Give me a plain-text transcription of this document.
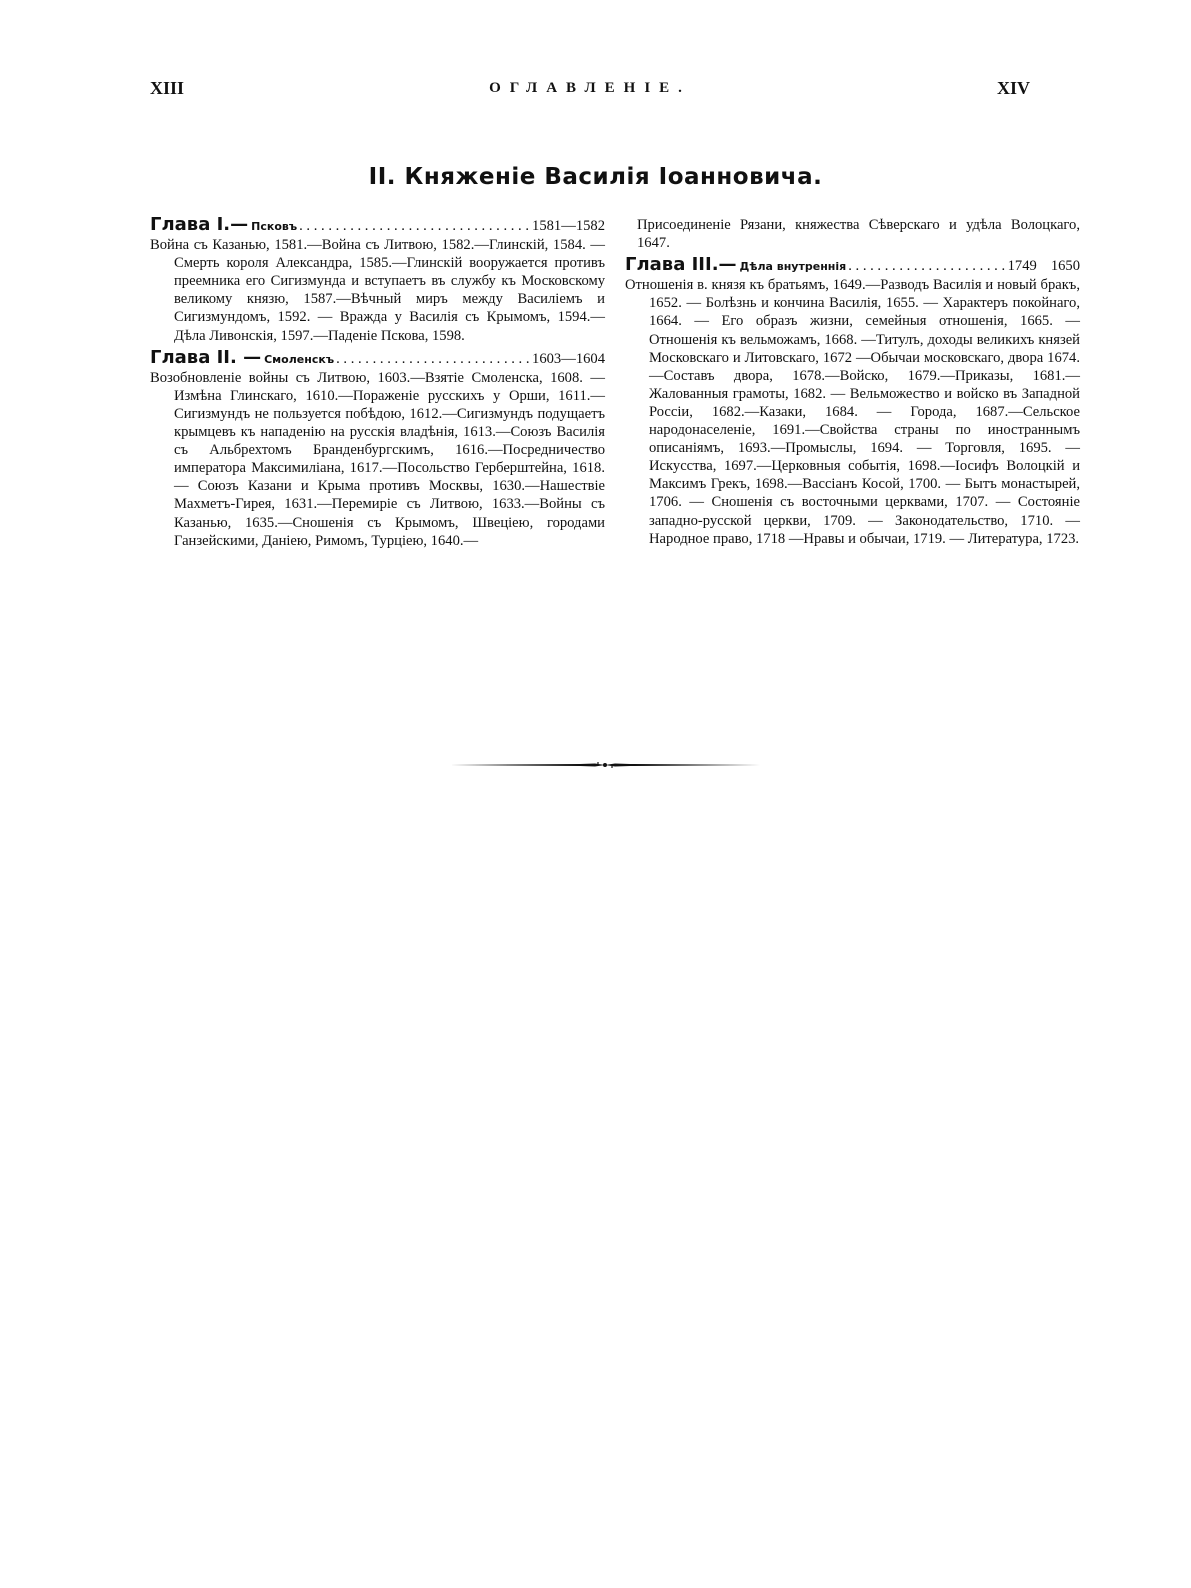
XIII	ОГЛАВЛЕНІЕ.	XIV
II. Княженіе Василія Іоанновича.
Глава I.— Псковъ . . .	1581—1582

Война съ Казанью, 1581.—Война съ Литвою, 1582.—Глинскій, 1584. — Смерть короля Александра, 1585.—Глинскій вооружается противъ преемника его Сигизмунда и вступаетъ въ службу къ Московскому великому князю, 1587.—Вѣчный миръ между Василіемъ и Сигизмундомъ, 1592. — Вражда у Василія съ Крымомъ, 1594.—Дѣла Ливонскія, 1597.—Паденіе Пскова, 1598.

Глава II. — Смоленскъ . . .	1603—1604

Возобновленіе войны съ Литвою, 1603.—Взятіе Смоленска, 1608. — Измѣна Глинскаго, 1610.—Пораженіе русскихъ у Орши, 1611.—Сигизмундъ не пользуется побѣдою, 1612.—Сигизмундъ подущаетъ крымцевъ къ нападенію на русскія владѣнія, 1613.—Союзъ Василія съ Альбрехтомъ Бранденбургскимъ, 1616.—Посредничество императора Максимиліана, 1617.—Посольство Герберштейна, 1618. — Союзъ Казани и Крыма противъ Москвы, 1630.—Нашествіе Махметъ-Гирея, 1631.—Перемиріе съ Литвою, 1633.—Войны съ Казанью, 1635.—Сношенія съ Крымомъ, Швеціею, городами Ганзейскими, Даніею, Римомъ, Турціею, 1640.—

Присоединеніе Рязани, княжества Сѣверскаго и удѣла Волоцкаго, 1647.

Глава III.— Дѣла внутреннія . . .	1749 1650

Отношенія в. князя къ братьямъ, 1649.—Разводъ Василія и новый бракъ, 1652. — Болѣзнь и кончина Василія, 1655. — Характеръ покойнаго, 1664. — Его образъ жизни, семейныя отношенія, 1665. — Отношенія къ вельможамъ, 1668. —Титулъ, доходы великихъ князей Московскаго и Литовскаго, 1672 —Обычаи московскаго, двора 1674.—Составъ двора, 1678.—Войско, 1679.—Приказы, 1681.—Жалованныя грамоты, 1682. — Вельможество и войско въ Западной Россіи, 1682.—Казаки, 1684. — Города, 1687.—Сельское народонаселеніе, 1691.—Свойства страны по иностраннымъ описаніямъ, 1693.—Промыслы, 1694. — Торговля, 1695. — Искусства, 1697.—Церковныя событія, 1698.—Іосифъ Волоцкій и Максимъ Грекъ, 1698.—Вассіанъ Косой, 1700. — Бытъ монастырей, 1706. — Сношенія съ восточными церквами, 1707. — Состояніе западно-русской церкви, 1709. — Законодательство, 1710. — Народное право, 1718 —Нравы и обычаи, 1719. — Литература, 1723.
